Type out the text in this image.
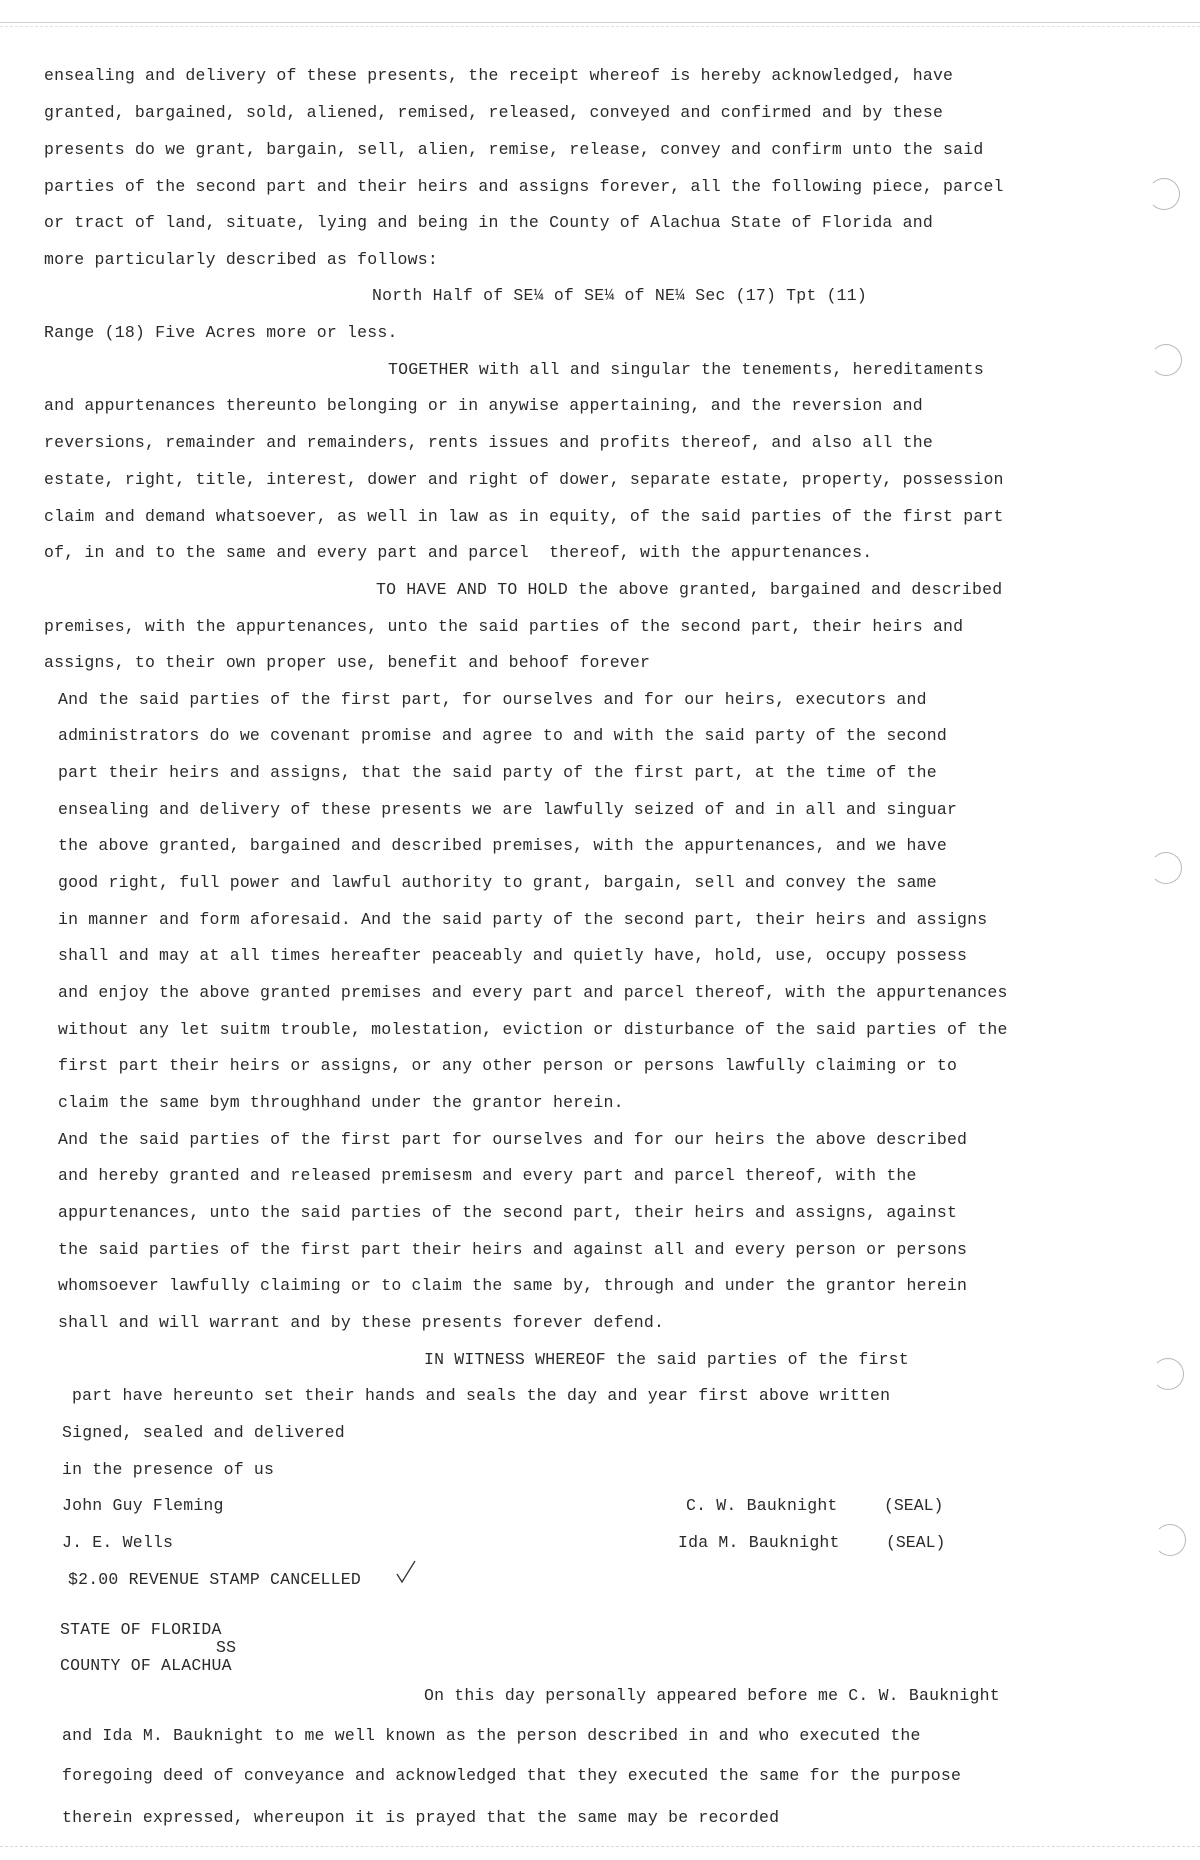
ensealing and delivery of these presents, the receipt whereof is hereby acknowledged, have
granted, bargained, sold, aliened, remised, released, conveyed and confirmed and by these
presents do we grant, bargain, sell, alien, remise, release, convey and confirm unto the said
parties of the second part and their heirs and assigns forever, all the following piece, parcel
or tract of land, situate, lying and being in the County of Alachua State of Florida and
more particularly described as follows:
North Half of SE¼ of SE¼ of NE¼ Sec (17) Tpt (11)
Range (18) Five Acres more or less.
TOGETHER with all and singular the tenements, hereditaments
and appurtenances thereunto belonging or in anywise appertaining, and the reversion and
reversions, remainder and remainders, rents issues and profits thereof, and also all the
estate, right, title, interest, dower and right of dower, separate estate, property, possession
claim and demand whatsoever, as well in law as in equity, of the said parties of the first part
of, in and to the same and every part and parcel  thereof, with the appurtenances.
TO HAVE AND TO HOLD the above granted, bargained and described
premises, with the appurtenances, unto the said parties of the second part, their heirs and
assigns, to their own proper use, benefit and behoof forever
And the said parties of the first part, for ourselves and for our heirs, executors and
administrators do we covenant promise and agree to and with the said party of the second
part their heirs and assigns, that the said party of the first part, at the time of the
ensealing and delivery of these presents we are lawfully seized of and in all and singuar
the above granted, bargained and described premises, with the appurtenances, and we have
good right, full power and lawful authority to grant, bargain, sell and convey the same
in manner and form aforesaid. And the said party of the second part, their heirs and assigns
shall and may at all times hereafter peaceably and quietly have, hold, use, occupy possess
and enjoy the above granted premises and every part and parcel thereof, with the appurtenances
without any let suitm trouble, molestation, eviction or disturbance of the said parties of the
first part their heirs or assigns, or any other person or persons lawfully claiming or to
claim the same bym throughhand under the grantor herein.
And the said parties of the first part for ourselves and for our heirs the above described
and hereby granted and released premisesm and every part and parcel thereof, with the
appurtenances, unto the said parties of the second part, their heirs and assigns, against
the said parties of the first part their heirs and against all and every person or persons
whomsoever lawfully claiming or to claim the same by, through and under the grantor herein
shall and will warrant and by these presents forever defend.
IN WITNESS WHEREOF the said parties of the first
part have hereunto set their hands and seals the day and year first above written
Signed, sealed and delivered
in the presence of us
John Guy Fleming
J. E. Wells
C. W. Bauknight	(SEAL)
Ida M. Bauknight	(SEAL)
$2.00 REVENUE STAMP CANCELLED
STATE OF FLORIDA
SS
COUNTY OF ALACHUA
On this day personally appeared before me C. W. Bauknight
and Ida M. Bauknight to me well known as the person described in and who executed the
foregoing deed of conveyance and acknowledged that they executed the same for the purpose
therein expressed, whereupon it is prayed that the same may be recorded
